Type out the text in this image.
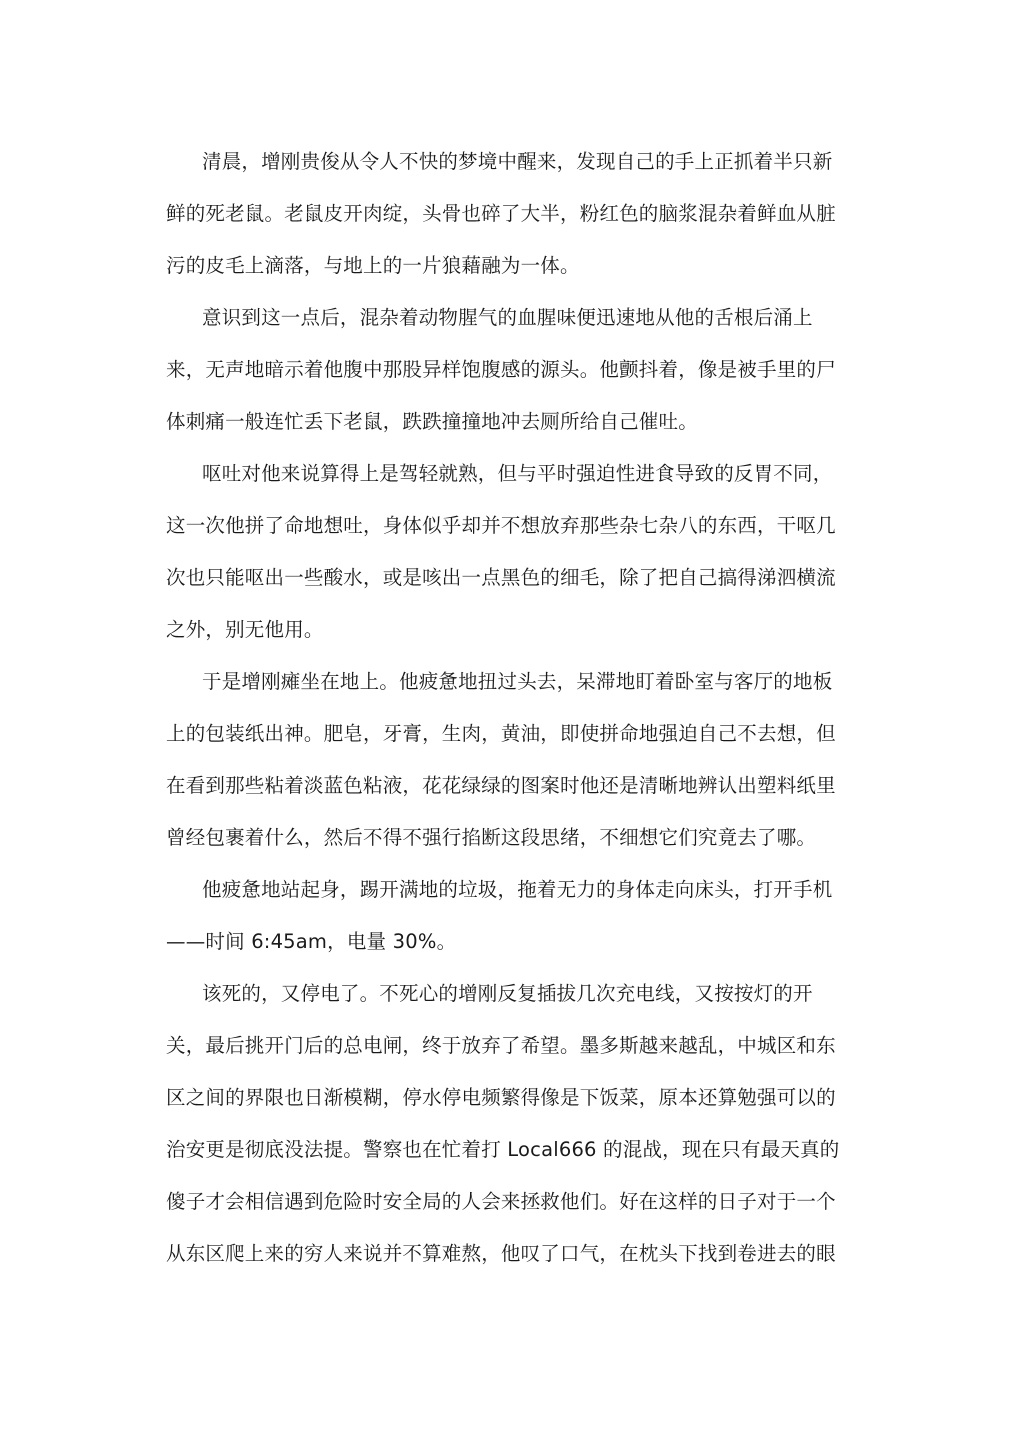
清晨，增刚贵俊从令人不快的梦境中醒来，发现自己的手上正抓着半只新
鲜的死老鼠。老鼠皮开肉绽，头骨也碎了大半，粉红色的脑浆混杂着鲜血从脏
污的皮毛上滴落，与地上的一片狼藉融为一体。
意识到这一点后，混杂着动物腥气的血腥味便迅速地从他的舌根后涌上
来，无声地暗示着他腹中那股异样饱腹感的源头。他颤抖着，像是被手里的尸
体刺痛一般连忙丢下老鼠，跌跌撞撞地冲去厕所给自己催吐。
呕吐对他来说算得上是驾轻就熟，但与平时强迫性进食导致的反胃不同，
这一次他拼了命地想吐，身体似乎却并不想放弃那些杂七杂八的东西，干呕几
次也只能呕出一些酸水，或是咳出一点黑色的细毛，除了把自己搞得涕泗横流
之外，别无他用。
于是增刚瘫坐在地上。他疲惫地扭过头去，呆滞地盯着卧室与客厅的地板
上的包装纸出神。肥皂，牙膏，生肉，黄油，即使拼命地强迫自己不去想，但
在看到那些粘着淡蓝色粘液，花花绿绿的图案时他还是清晰地辨认出塑料纸里
曾经包裹着什么，然后不得不强行掐断这段思绪，不细想它们究竟去了哪。
他疲惫地站起身，踢开满地的垃圾，拖着无力的身体走向床头，打开手机
——时间 6:45am，电量 30%。
该死的，又停电了。不死心的增刚反复插拔几次充电线，又按按灯的开
关，最后挑开门后的总电闸，终于放弃了希望。墨多斯越来越乱，中城区和东
区之间的界限也日渐模糊，停水停电频繁得像是下饭菜，原本还算勉强可以的
治安更是彻底没法提。警察也在忙着打 Local666 的混战，现在只有最天真的
傻子才会相信遇到危险时安全局的人会来拯救他们。好在这样的日子对于一个
从东区爬上来的穷人来说并不算难熬，他叹了口气，在枕头下找到卷进去的眼
